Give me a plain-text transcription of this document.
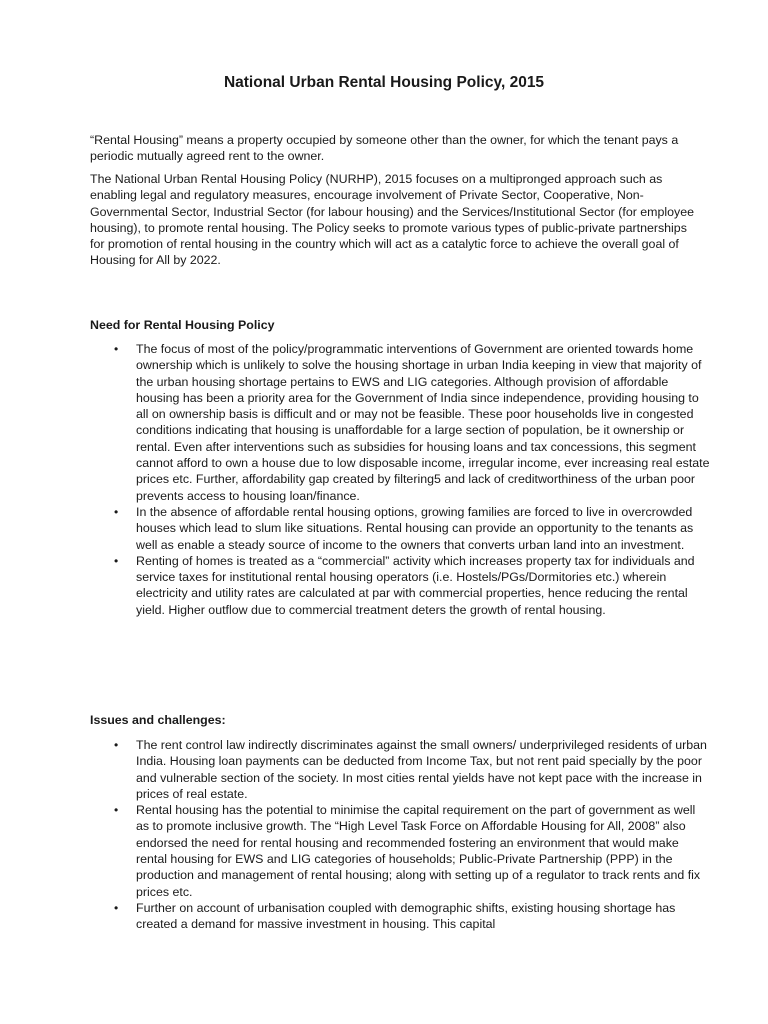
National Urban Rental Housing Policy, 2015
“Rental Housing” means a property occupied by someone other than the owner, for which the tenant pays a periodic mutually agreed rent to the owner.
The National Urban Rental Housing Policy (NURHP), 2015 focuses on a multipronged approach such as enabling legal and regulatory measures, encourage involvement of Private Sector, Cooperative, Non-Governmental Sector, Industrial Sector (for labour housing) and the Services/Institutional Sector (for employee housing), to promote rental housing. The Policy seeks to promote various types of public-private partnerships for promotion of rental housing in the country which will act as a catalytic force to achieve the overall goal of Housing for All by 2022.
Need for Rental Housing Policy
• The focus of most of the policy/programmatic interventions of Government are oriented towards home ownership which is unlikely to solve the housing shortage in urban India keeping in view that majority of the urban housing shortage pertains to EWS and LIG categories. Although provision of affordable housing has been a priority area for the Government of India since independence, providing housing to all on ownership basis is difficult and or may not be feasible. These poor households live in congested conditions indicating that housing is unaffordable for a large section of population, be it ownership or rental. Even after interventions such as subsidies for housing loans and tax concessions, this segment cannot afford to own a house due to low disposable income, irregular income, ever increasing real estate prices etc. Further, affordability gap created by filtering5 and lack of creditworthiness of the urban poor prevents access to housing loan/finance.
• In the absence of affordable rental housing options, growing families are forced to live in overcrowded houses which lead to slum like situations. Rental housing can provide an opportunity to the tenants as well as enable a steady source of income to the owners that converts urban land into an investment.
• Renting of homes is treated as a “commercial” activity which increases property tax for individuals and service taxes for institutional rental housing operators (i.e. Hostels/PGs/Dormitories etc.) wherein electricity and utility rates are calculated at par with commercial properties, hence reducing the rental yield. Higher outflow due to commercial treatment deters the growth of rental housing.
Issues and challenges:
• The rent control law indirectly discriminates against the small owners/ underprivileged residents of urban India. Housing loan payments can be deducted from Income Tax, but not rent paid specially by the poor and vulnerable section of the society. In most cities rental yields have not kept pace with the increase in prices of real estate.
• Rental housing has the potential to minimise the capital requirement on the part of government as well as to promote inclusive growth. The “High Level Task Force on Affordable Housing for All, 2008” also endorsed the need for rental housing and recommended fostering an environment that would make rental housing for EWS and LIG categories of households; Public-Private Partnership (PPP) in the production and management of rental housing; along with setting up of a regulator to track rents and fix prices etc.
• Further on account of urbanisation coupled with demographic shifts, existing housing shortage has created a demand for massive investment in housing. This capital
